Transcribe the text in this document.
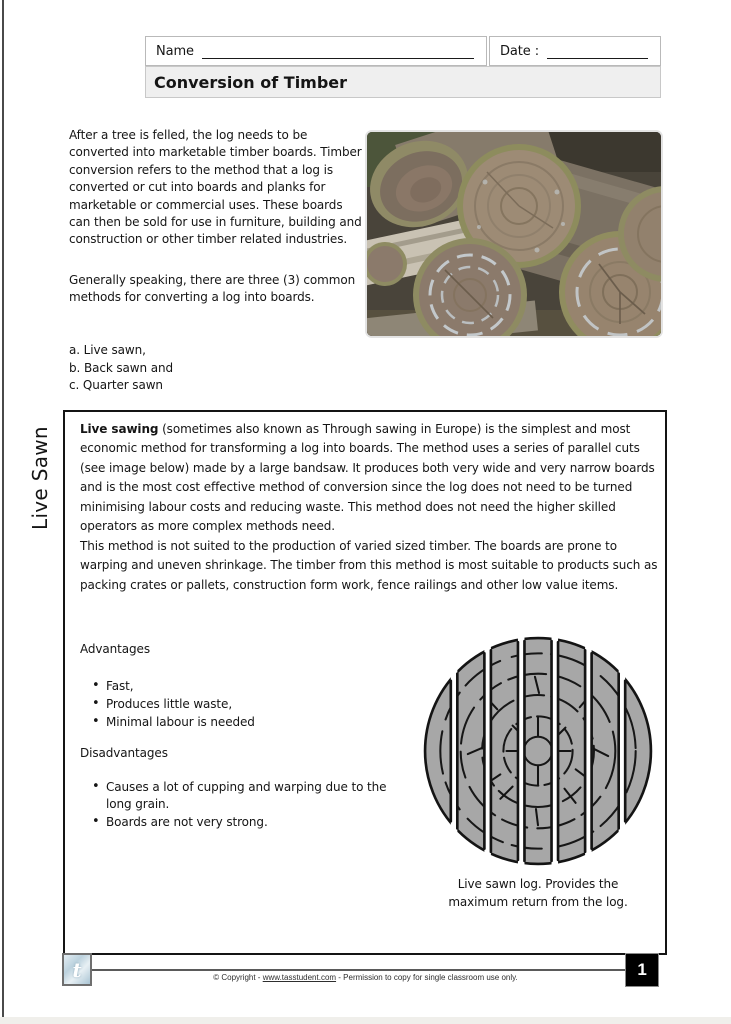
Name	Date :
Conversion of Timber
After a tree is felled, the log needs to be converted into marketable timber boards. Timber conversion refers to the method that a log is converted or cut into boards and planks for marketable or commercial uses. These boards can then be sold for use in furniture, building and construction or other timber related industries.
Generally speaking, there are three (3) common methods for converting a log into boards.
a. Live sawn,
b. Back sawn and
c. Quarter sawn
Live Sawn Live sawing (sometimes also known as Through sawing in Europe) is the simplest and most economic method for transforming a log into boards. The method uses a series of parallel cuts (see image below) made by a large bandsaw. It produces both very wide and very narrow boards and is the most cost effective method of conversion since the log does not need to be turned minimising labour costs and reducing waste. This method does not need the higher skilled operators as more complex methods need.
This method is not suited to the production of varied sized timber. The boards are prone to warping and uneven shrinkage. The timber from this method is most suitable to products such as packing crates or pallets, construction form work, fence railings and other low value items.
Advantages
• Fast,
• Produces little waste,
• Minimal labour is needed
Disadvantages
• Causes a lot of cupping and warping due to the long grain.
• Boards are not very strong.
Live sawn log. Provides the
maximum return from the log.
t	© Copyright - www.tasstudent.com - Permission to copy for single classroom use only.	1
